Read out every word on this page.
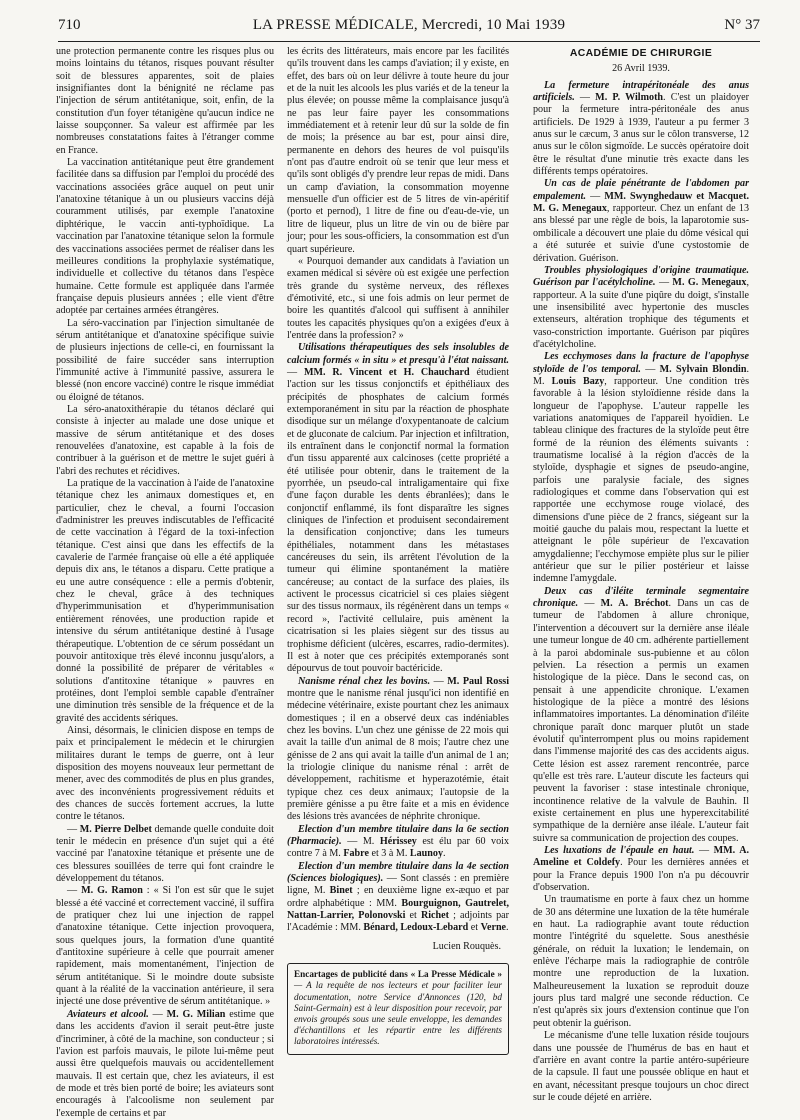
710	LA PRESSE MÉDICALE, Mercredi, 10 Mai 1939	N° 37

une protection permanente contre les risques plus ou moins lointains du tétanos, risques pouvant résulter soit de blessures apparentes, soit de plaies insignifiantes dont la bénignité ne réclame pas l'injection de sérum antitétanique, soit, enfin, de la constitution d'un foyer tétanigène qu'aucun indice ne laisse soupçonner. Sa valeur est affirmée par les nombreuses constatations faites à l'étranger comme en France.

La vaccination antitétanique peut être grandement facilitée dans sa diffusion par l'emploi du procédé des vaccinations associées grâce auquel on peut unir l'anatoxine tétanique à un ou plusieurs vaccins déjà couramment utilisés, par exemple l'anatoxine diphtérique, le vaccin anti-typhoïdique. La vaccination par l'anatoxine tétanique selon la formule des vaccinations associées permet de réaliser dans les meilleures conditions la prophylaxie systématique, individuelle et collective du tétanos dans l'espèce humaine. Cette formule est appliquée dans l'armée française depuis plusieurs années ; elle vient d'être adoptée par certaines armées étrangères.

La séro-vaccination par l'injection simultanée de sérum antitétanique et d'anatoxine spécifique suivie de plusieurs injections de celle-ci, en fournissant la possibilité de faire succéder sans interruption l'immunité active à l'immunité passive, assurera le blessé (non encore vacciné) contre le risque immédiat ou éloigné de tétanos.

La séro-anatoxithérapie du tétanos déclaré qui consiste à injecter au malade une dose unique et massive de sérum antitétanique et des doses renouvelées d'anatoxine, est capable à la fois de contribuer à la guérison et de mettre le sujet guéri à l'abri des rechutes et récidives.

La pratique de la vaccination à l'aide de l'anatoxine tétanique chez les animaux domestiques et, en particulier, chez le cheval, a fourni l'occasion d'administrer les preuves indiscutables de l'efficacité de cette vaccination à l'égard de la toxi-infection tétanique. C'est ainsi que dans les effectifs de la cavalerie de l'armée française où elle a été appliquée depuis dix ans, le tétanos a disparu. Cette pratique a eu une autre conséquence : elle a permis d'obtenir, chez le cheval, grâce à des techniques d'hyperimmunisation et d'hyperimmunisation entièrement rénovées, une production rapide et intensive du sérum antitétanique destiné à l'usage thérapeutique. L'obtention de ce sérum possédant un pouvoir antitoxique très élevé inconnu jusqu'alors, a donné la possibilité de préparer de véritables « solutions d'antitoxine tétanique » pauvres en protéines, dont l'emploi semble capable d'entraîner une diminution très sensible de la fréquence et de la gravité des accidents sériques.

Ainsi, désormais, le clinicien dispose en temps de paix et principalement le médecin et le chirurgien militaires durant le temps de guerre, ont à leur disposition des moyens nouveaux leur permettant de mener, avec des commodités de plus en plus grandes, avec des inconvénients progressivement réduits et des chances de succès fortement accrues, la lutte contre le tétanos.

— M. Pierre Delbet demande quelle conduite doit tenir le médecin en présence d'un sujet qui a été vacciné par l'anatoxine tétanique et présente une de ces blessures souillées de terre qui font craindre le développement du tétanos.

— M. G. Ramon : « Si l'on est sûr que le sujet blessé a été vacciné et correctement vacciné, il suffira de pratiquer chez lui une injection de rappel d'anatoxine tétanique. Cette injection provoquera, sous quelques jours, la formation d'une quantité d'antitoxine supérieure à celle que pourrait amener rapidement, mais momentanément, l'injection de sérum antitétanique. Si le moindre doute subsiste quant à la réalité de la vaccination antérieure, il sera injecté une dose préventive de sérum antitétanique. »

Aviateurs et alcool. — M. G. Milian estime que dans les accidents d'avion il serait peut-être juste d'incriminer, à côté de la machine, son conducteur ; si l'avion est parfois mauvais, le pilote lui-même peut aussi être quelquefois mauvais ou accidentellement mauvais. Il est certain que, chez les aviateurs, il est de mode et très bien porté de boire; les aviateurs sont encouragés à l'alcoolisme non seulement par l'exemple de certains et par

les écrits des littérateurs, mais encore par les facilités qu'ils trouvent dans les camps d'aviation; il y existe, en effet, des bars où on leur délivre à toute heure du jour et de la nuit les alcools les plus variés et de la teneur la plus élevée; on pousse même la complaisance jusqu'à ne pas leur faire payer les consommations immédiatement et à retenir leur dû sur la solde de fin de mois; la présence au bar est, pour ainsi dire, permanente en dehors des heures de vol puisqu'ils n'ont pas d'autre endroit où se tenir que leur mess et qu'ils sont obligés d'y prendre leur repas de midi. Dans un camp d'aviation, la consommation moyenne mensuelle d'un officier est de 5 litres de vin-apéritif (porto et pernod), 1 litre de fine ou d'eau-de-vie, un litre de liqueur, plus un litre de vin ou de bière par jour; pour les sous-officiers, la consommation est d'un quart supérieure.

« Pourquoi demander aux candidats à l'aviation un examen médical si sévère où est exigée une perfection très grande du système nerveux, des réflexes d'émotivité, etc., si une fois admis on leur permet de boire les quantités d'alcool qui suffisent à annihiler toutes les capacités physiques qu'on a exigées d'eux à l'entrée dans la profession? »

Utilisations thérapeutiques des sels insolubles de calcium formés « in situ » et presqu'à l'état naissant. — MM. R. Vincent et H. Chauchard étudient l'action sur les tissus conjonctifs et épithéliaux des précipités de phosphates de calcium formés extemporanément in situ par la réaction de phosphate disodique sur un mélange d'oxypentanoate de calcium et de gluconate de calcium. Par injection et infiltration, ils entraînent dans le conjonctif normal la formation d'un tissu apparenté aux calcinoses (cette propriété a été utilisée pour obtenir, dans le traitement de la pyorrhée, un pseudo-cal intraligamentaire qui fixe d'une façon durable les dents ébranlées); dans le conjonctif enflammé, ils font disparaître les signes cliniques de l'infection et produisent secondairement la densification conjonctive; dans les tumeurs épithéliales, notamment dans les métastases cancéreuses du sein, ils arrêtent l'évolution de la tumeur qui élimine spontanément la matière cancéreuse; au contact de la surface des plaies, ils activent le processus cicatriciel si ces plaies siègent sur des tissus normaux, ils régénèrent dans un temps « record », l'activité cellulaire, puis amènent la cicatrisation si les plaies siègent sur des tissus au trophisme déficient (ulcères, escarres, radio-dermites). Il est à noter que ces précipités extemporanés sont dépourvus de tout pouvoir bactéricide.

Nanisme rénal chez les bovins. — M. Paul Rossi montre que le nanisme rénal jusqu'ici non identifié en médecine vétérinaire, existe pourtant chez les animaux domestiques ; il en a observé deux cas indéniables chez les bovins. L'un chez une génisse de 22 mois qui avait la taille d'un animal de 8 mois; l'autre chez une génisse de 2 ans qui avait la taille d'un animal de 1 an; la triologie clinique du nanisme rénal : arrêt de développement, rachitisme et hyperazotémie, était typique chez ces deux animaux; l'autopsie de la première génisse a pu être faite et a mis en évidence des lésions très avancées de néphrite chronique.

Election d'un membre titulaire dans la 6e section (Pharmacie). — M. Hérissey est élu par 60 voix contre 7 à M. Fabre et 3 à M. Launoy.

Election d'un membre titulaire dans la 4e section (Sciences biologiques). — Sont classés : en première ligne, M. Binet ; en deuxième ligne ex-æquo et par ordre alphabétique : MM. Bourguignon, Gautrelet, Nattan-Larrier, Polonovski et Richet ; adjoints par l'Académie : MM. Bénard, Ledoux-Lebard et Verne.

Lucien Rouquès.
Encartages de publicité dans « La Presse Médicale » — A la requête de nos lecteurs et pour faciliter leur documentation, notre Service d'Annonces (120, bd Saint-Germain) est à leur disposition pour recevoir, par envois groupés sous une seule enveloppe, les demandes d'échantillons et les répartir entre les différents laboratoires intéressés.
ACADÉMIE DE CHIRURGIE
26 Avril 1939.

La fermeture intrapéritonéale des anus artificiels. — M. P. Wilmoth. C'est un plaidoyer pour la fermeture intra-péritonéale des anus artificiels. De 1929 à 1939, l'auteur a pu fermer 3 anus sur le cæcum, 3 anus sur le côlon transverse, 12 anus sur le côlon sigmoïde. Le succès opératoire doit être le résultat d'une minutie très exacte dans les différents temps opératoires.

Un cas de plaie pénétrante de l'abdomen par empalement. — MM. Swynghedauw et Macquet. M. G. Menegaux, rapporteur. Chez un enfant de 13 ans blessé par une règle de bois, la laparotomie sus-ombilicale a découvert une plaie du dôme vésical qui a été suturée et suivie d'une cystostomie de dérivation. Guérison.

Troubles physiologiques d'origine traumatique. Guérison par l'acétylcholine. — M. G. Menegaux, rapporteur. A la suite d'une piqûre du doigt, s'installe une insensibilité avec hypertonie des muscles extenseurs, altération trophique des téguments et vaso-constriction importante. Guérison par piqûres d'acétylcholine.

Les ecchymoses dans la fracture de l'apophyse styloïde de l'os temporal. — M. Sylvain Blondin. M. Louis Bazy, rapporteur. Une condition très favorable à la lésion styloïdienne réside dans la longueur de l'apophyse. L'auteur rappelle les variations anatomiques de l'appareil hyoïdien. Le tableau clinique des fractures de la styloïde peut être formé de la réunion des éléments suivants : traumatisme localisé à la région d'accès de la styloïde, dysphagie et signes de pseudo-angine, parfois une paralysie faciale, des signes radiologiques et comme dans l'observation qui est rapportée une ecchymose rouge violacé, des dimensions d'une pièce de 2 francs, siégeant sur la moitié gauche du palais mou, respectant la luette et atteignant le pôle supérieur de l'excavation amygdalienne; l'ecchymose empiète plus sur le pilier antérieur que sur le pilier postérieur et laisse indemne l'amygdale.

Deux cas d'iléite terminale segmentaire chronique. — M. A. Bréchot. Dans un cas de tumeur de l'abdomen à allure chronique, l'intervention a découvert sur la dernière anse iléale une tumeur longue de 40 cm. adhérente partiellement à la paroi abdominale sus-pubienne et au côlon pelvien. La résection a permis un examen histologique de la pièce. Dans le second cas, on pensait à une appendicite chronique. L'examen histologique de la pièce a montré des lésions inflammatoires importantes. La dénomination d'iléite chronique paraît donc marquer plutôt un stade évolutif qu'interrompent plus ou moins rapidement dans l'immense majorité des cas des accidents aigus. Cette lésion est assez rarement rencontrée, parce qu'elle est très rare. L'auteur discute les facteurs qui peuvent la favoriser : stase intestinale chronique, incontinence relative de la valvule de Bauhin. Il existe certainement en plus une hyperexcitabilité sympathique de la dernière anse iléale. L'auteur fait suivre sa communication de projection des coupes.

Les luxations de l'épaule en haut. — MM. A. Ameline et Coldefy. Pour les dernières années et pour la France depuis 1900 l'on n'a pu découvrir d'observation.

Un traumatisme en porte à faux chez un homme de 30 ans détermine une luxation de la tête humérale en haut. La radiographie avant toute réduction montre l'intégrité du squelette. Sous anesthésie générale, on réduit la luxation; le lendemain, on enlève l'écharpe mais la radiographie de contrôle montre une reproduction de la luxation. Malheureusement la luxation se reproduit douze jours plus tard malgré une seconde réduction. Ce n'est qu'après six jours d'extension continue que l'on peut obtenir la guérison.

Le mécanisme d'une telle luxation réside toujours dans une poussée de l'humérus de bas en haut et d'arrière en avant contre la partie antéro-supérieure de la capsule. Il faut une poussée oblique en haut et en avant, nécessitant presque toujours un choc direct sur le coude déjeté en arrière.
